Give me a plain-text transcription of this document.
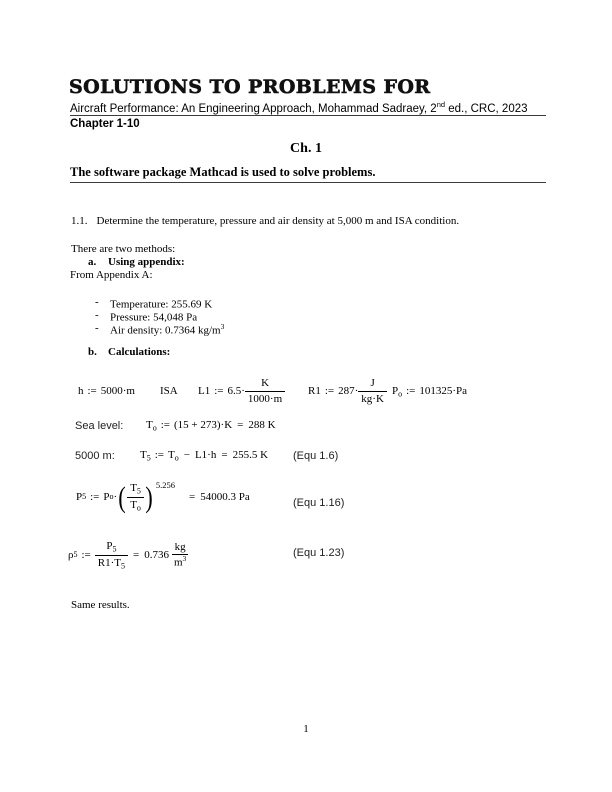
SOLUTIONS TO PROBLEMS FOR
Aircraft Performance: An Engineering Approach, Mohammad Sadraey, 2nd ed., CRC, 2023
Chapter 1-10
Ch. 1
The software package Mathcad is used to solve problems.
1.1. Determine the temperature, pressure and air density at 5,000 m and ISA condition.
There are two methods:
a. Using appendix:
From Appendix A:
- Temperature: 255.69 K
- Pressure: 54,048 Pa
- Air density: 0.7364 $kg/m^3$
b. Calculations:
h := 5000·m ISA L1 := $6.5\cdot \frac{K}{1000\cdot m} R1$ := $287\cdot \frac{J}{kg\cdot K} P_o$ := 101325·Pa
Sea level: $T_o$ := (15 + 273)·K = 288 K
5000 m: $T_5$ := $T_o - L1\cdot h = 255.5$ K (Equ 1.6)
P 5 := P o · ( $\frac{T_5}{T_o}$ ) 5.256
= 54000.3 Pa	(Equ 1.16)
ρ 5 := $\frac{P_5}{R1\cdot T_5} = 0.736 \frac{kg}{m^3}$	(Equ 1.23)
Same results.
1
